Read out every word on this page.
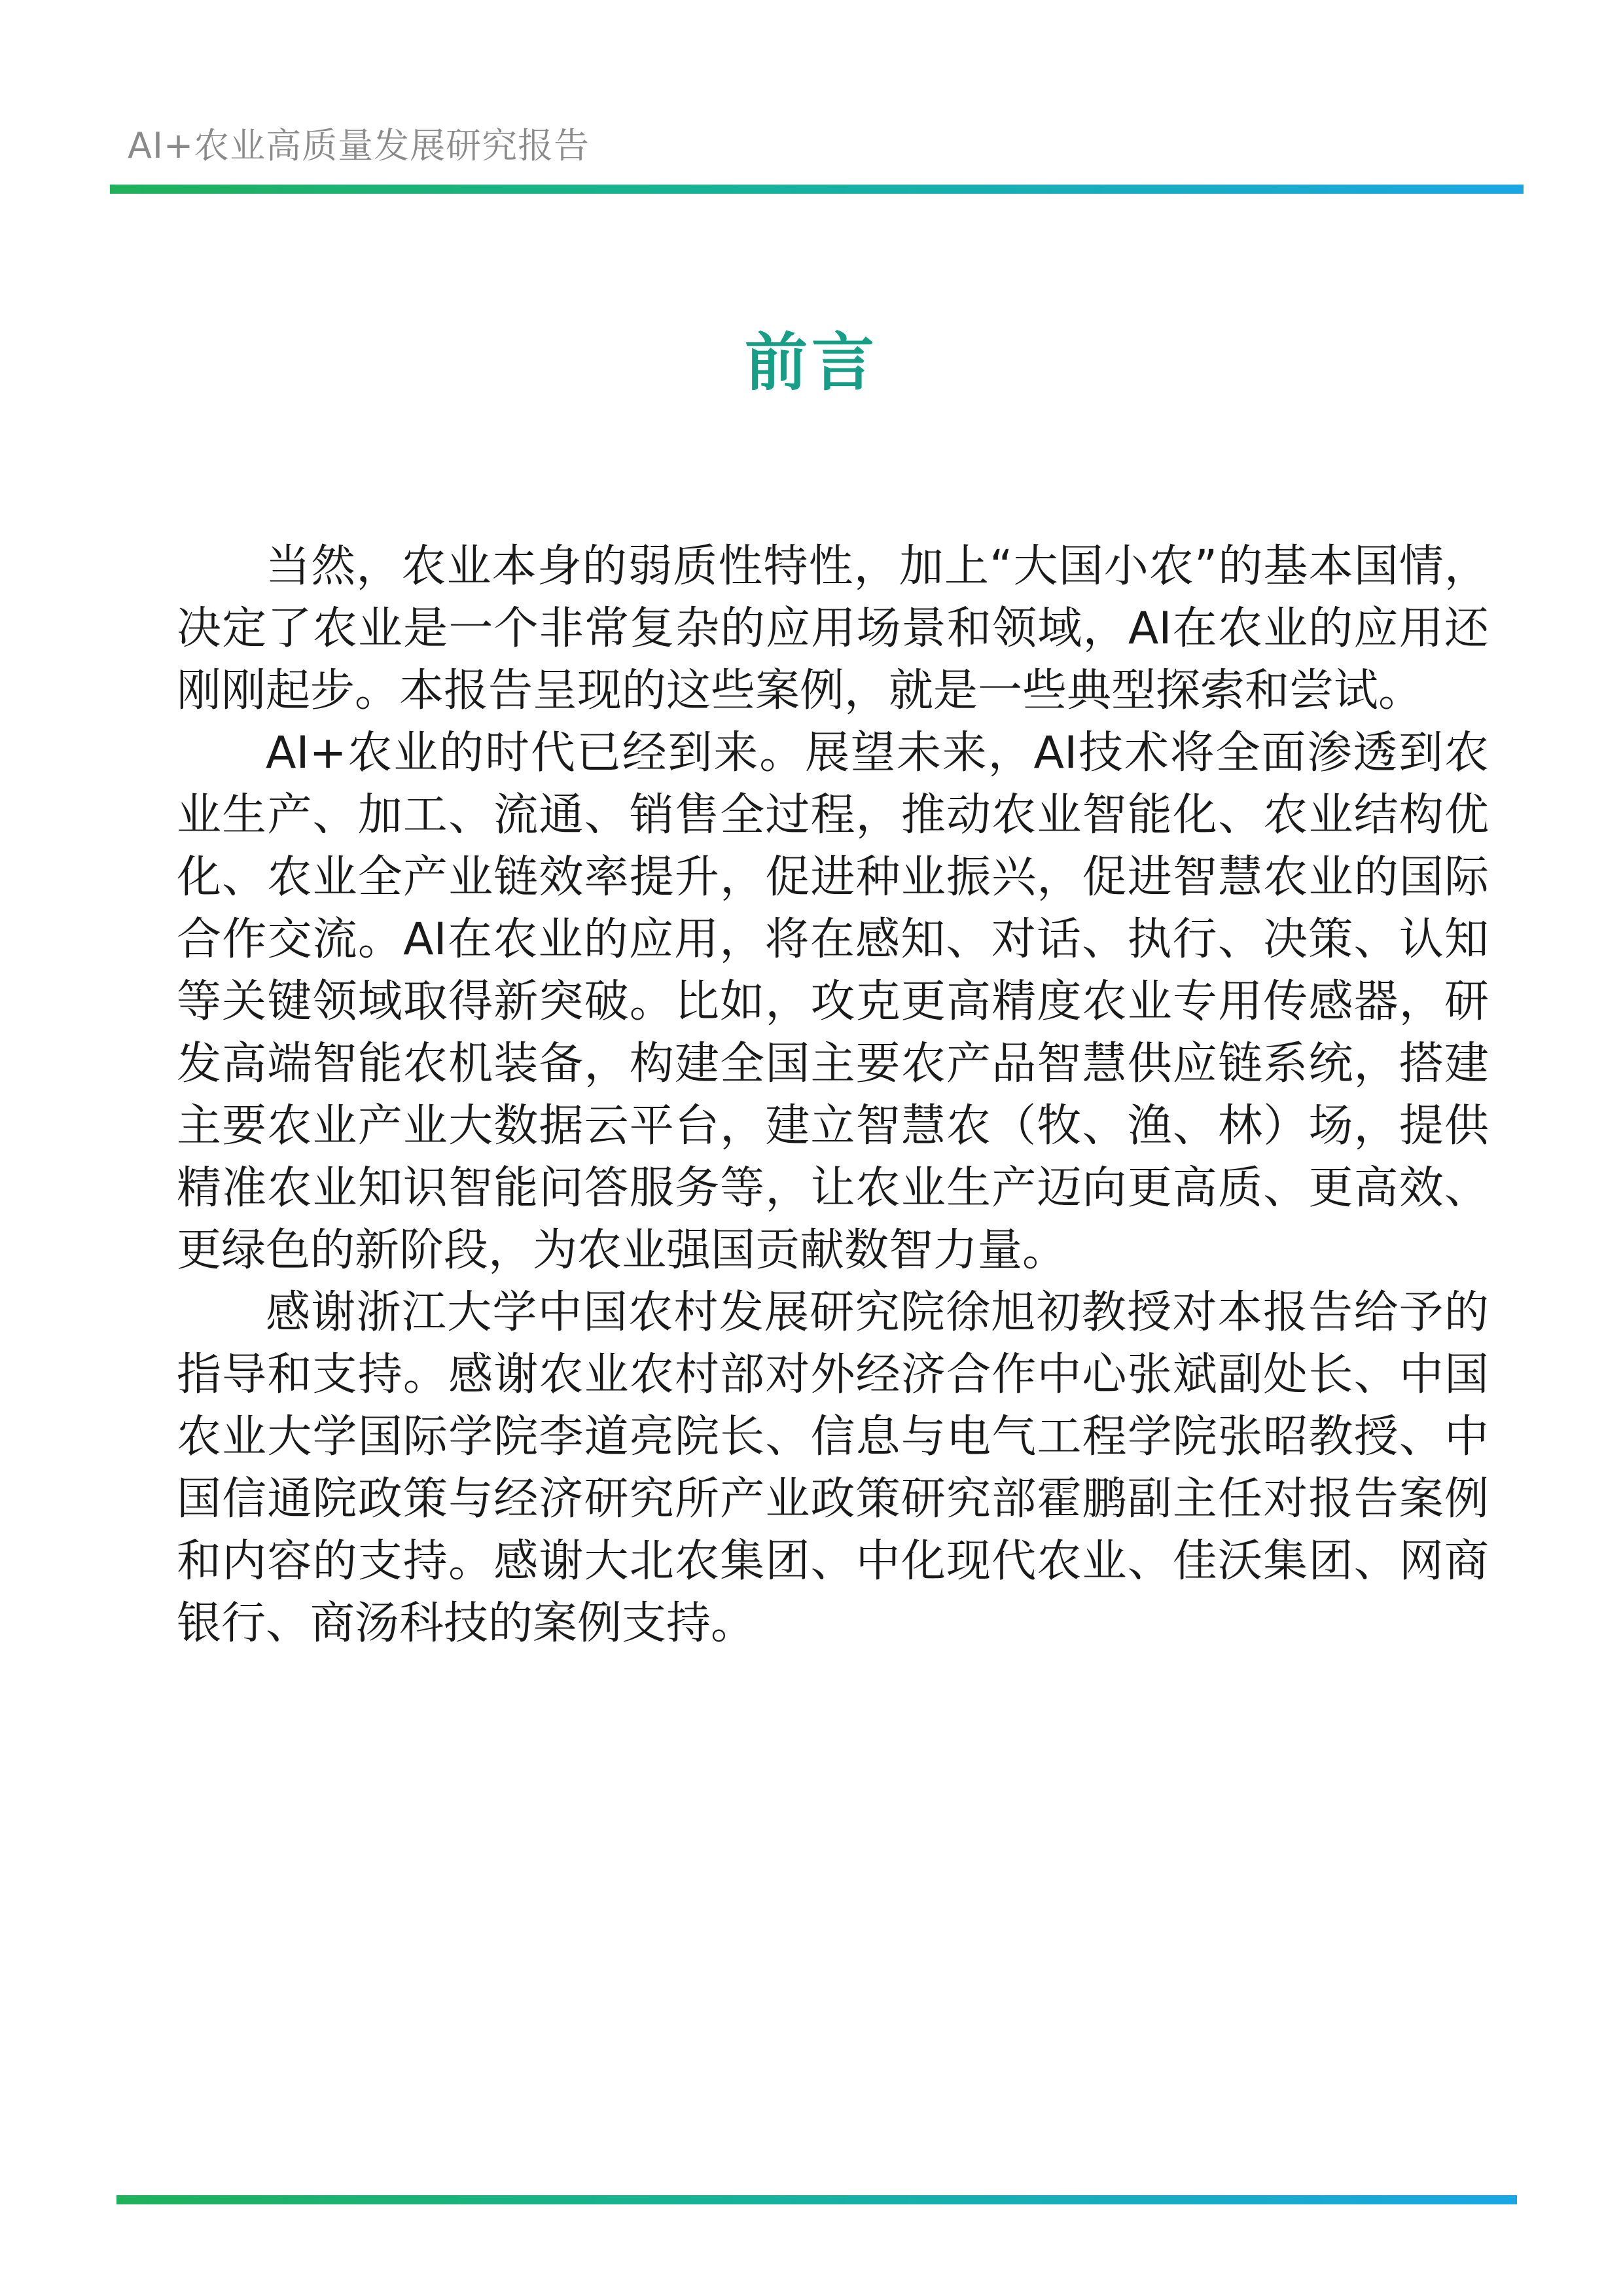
AI+农业高质量发展研究报告
前言

当然，农业本身的弱质性特性，加上“大国小农”的基本国情，决定了农业是一个非常复杂的应用场景和领域，AI在农业的应用还刚刚起步。本报告呈现的这些案例，就是一些典型探索和尝试。

AI+农业的时代已经到来。展望未来，AI技术将全面渗透到农业生产、加工、流通、销售全过程，推动农业智能化、农业结构优化、农业全产业链效率提升，促进种业振兴，促进智慧农业的国际合作交流。AI在农业的应用，将在感知、对话、执行、决策、认知等关键领域取得新突破。比如，攻克更高精度农业专用传感器，研发高端智能农机装备，构建全国主要农产品智慧供应链系统，搭建主要农业产业大数据云平台，建立智慧农（牧、渔、林）场，提供精准农业知识智能问答服务等，让农业生产迈向更高质、更高效、更绿色的新阶段，为农业强国贡献数智力量。

感谢浙江大学中国农村发展研究院徐旭初教授对本报告给予的指导和支持。感谢农业农村部对外经济合作中心张斌副处长、中国农业大学国际学院李道亮院长、信息与电气工程学院张昭教授、中国信通院政策与经济研究所产业政策研究部霍鹏副主任对报告案例和内容的支持。感谢大北农集团、中化现代农业、佳沃集团、网商银行、商汤科技的案例支持。
